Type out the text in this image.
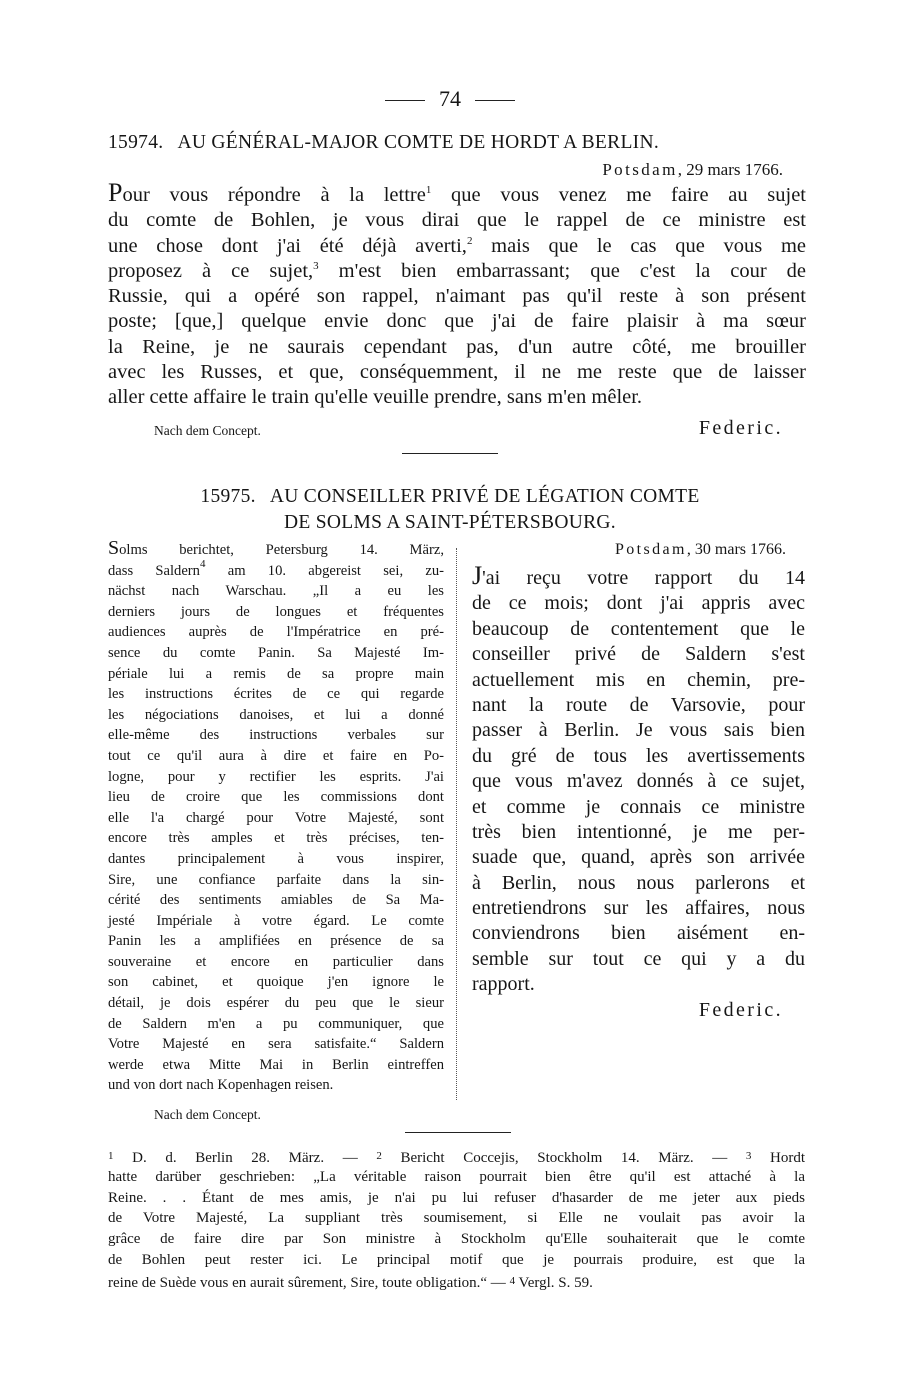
74
15974. AU GÉNÉRAL-MAJOR COMTE DE HORDT A BERLIN.
Potsdam, 29 mars 1766.
Pour vous répondre à la lettre$^1$ que vous venez me faire au sujet
du comte de Bohlen, je vous dirai que le rappel de ce ministre est
une chose dont j'ai été déjà averti,$^2$ mais que le cas que vous me
proposez à ce sujet,$^3$ m'est bien embarrassant; que c'est la cour de
Russie, qui a opéré son rappel, n'aimant pas qu'il reste à son présent
poste; [que,] quelque envie donc que j'ai de faire plaisir à ma sœur
la Reine, je ne saurais cependant pas, d'un autre côté, me brouiller
avec les Russes, et que, conséquemment, il ne me reste que de laisser
aller cette affaire le train qu'elle veuille prendre, sans m'en mêler.
Nach dem Concept.	Federic.
15975. AU CONSEILLER PRIVÉ DE LÉGATION COMTE
DE SOLMS A SAINT-PÉTERSBOURG.
Solms berichtet, Petersburg 14. März,
dass Saldern$^4$ am 10. abgereist sei, zu-
nächst nach Warschau. „Il a eu les
derniers jours de longues et fréquentes
audiences auprès de l'Impératrice en pré-
sence du comte Panin. Sa Majesté Im-
périale lui a remis de sa propre main
les instructions écrites de ce qui regarde
les négociations danoises, et lui a donné
elle-même des instructions verbales sur
tout ce qu'il aura à dire et faire en Po-
logne, pour y rectifier les esprits. J'ai
lieu de croire que les commissions dont
elle l'a chargé pour Votre Majesté, sont
encore très amples et très précises, ten-
dantes principalement à vous inspirer,
Sire, une confiance parfaite dans la sin-
cérité des sentiments amiables de Sa Ma-
jesté Impériale à votre égard. Le comte
Panin les a amplifiées en présence de sa
souveraine et encore en particulier dans
son cabinet, et quoique j'en ignore le
détail, je dois espérer du peu que le sieur
de Saldern m'en a pu communiquer, que
Votre Majesté en sera satisfaite.“ Saldern
werde etwa Mitte Mai in Berlin eintreffen
und von dort nach Kopenhagen reisen.
Nach dem Concept.
Potsdam, 30 mars 1766.
J'ai reçu votre rapport du 14
de ce mois; dont j'ai appris avec
beaucoup de contentement que le
conseiller privé de Saldern s'est
actuellement mis en chemin, pre-
nant la route de Varsovie, pour
passer à Berlin. Je vous sais bien
du gré de tous les avertissements
que vous m'avez donnés à ce sujet,
et comme je connais ce ministre
très bien intentionné, je me per-
suade que, quand, après son arrivée
à Berlin, nous nous parlerons et
entretiendrons sur les affaires, nous
conviendrons bien aisément en-
semble sur tout ce qui y a du
rapport.
Federic.
$^1$ D. d. Berlin 28. März. — $^2$ Bericht Coccejis, Stockholm 14. März. — $^3$ Hordt
hatte darüber geschrieben: „La véritable raison pourrait bien être qu'il est attaché à la
Reine. . . Étant de mes amis, je n'ai pu lui refuser d'hasarder de me jeter aux pieds
de Votre Majesté, La suppliant très soumisement, si Elle ne voulait pas avoir la
grâce de faire dire par Son ministre à Stockholm qu'Elle souhaiterait que le comte
de Bohlen peut rester ici. Le principal motif que je pourrais produire, est que la
reine de Suède vous en aurait sûrement, Sire, toute obligation.“ — $^4$ Vergl. S. 59.
